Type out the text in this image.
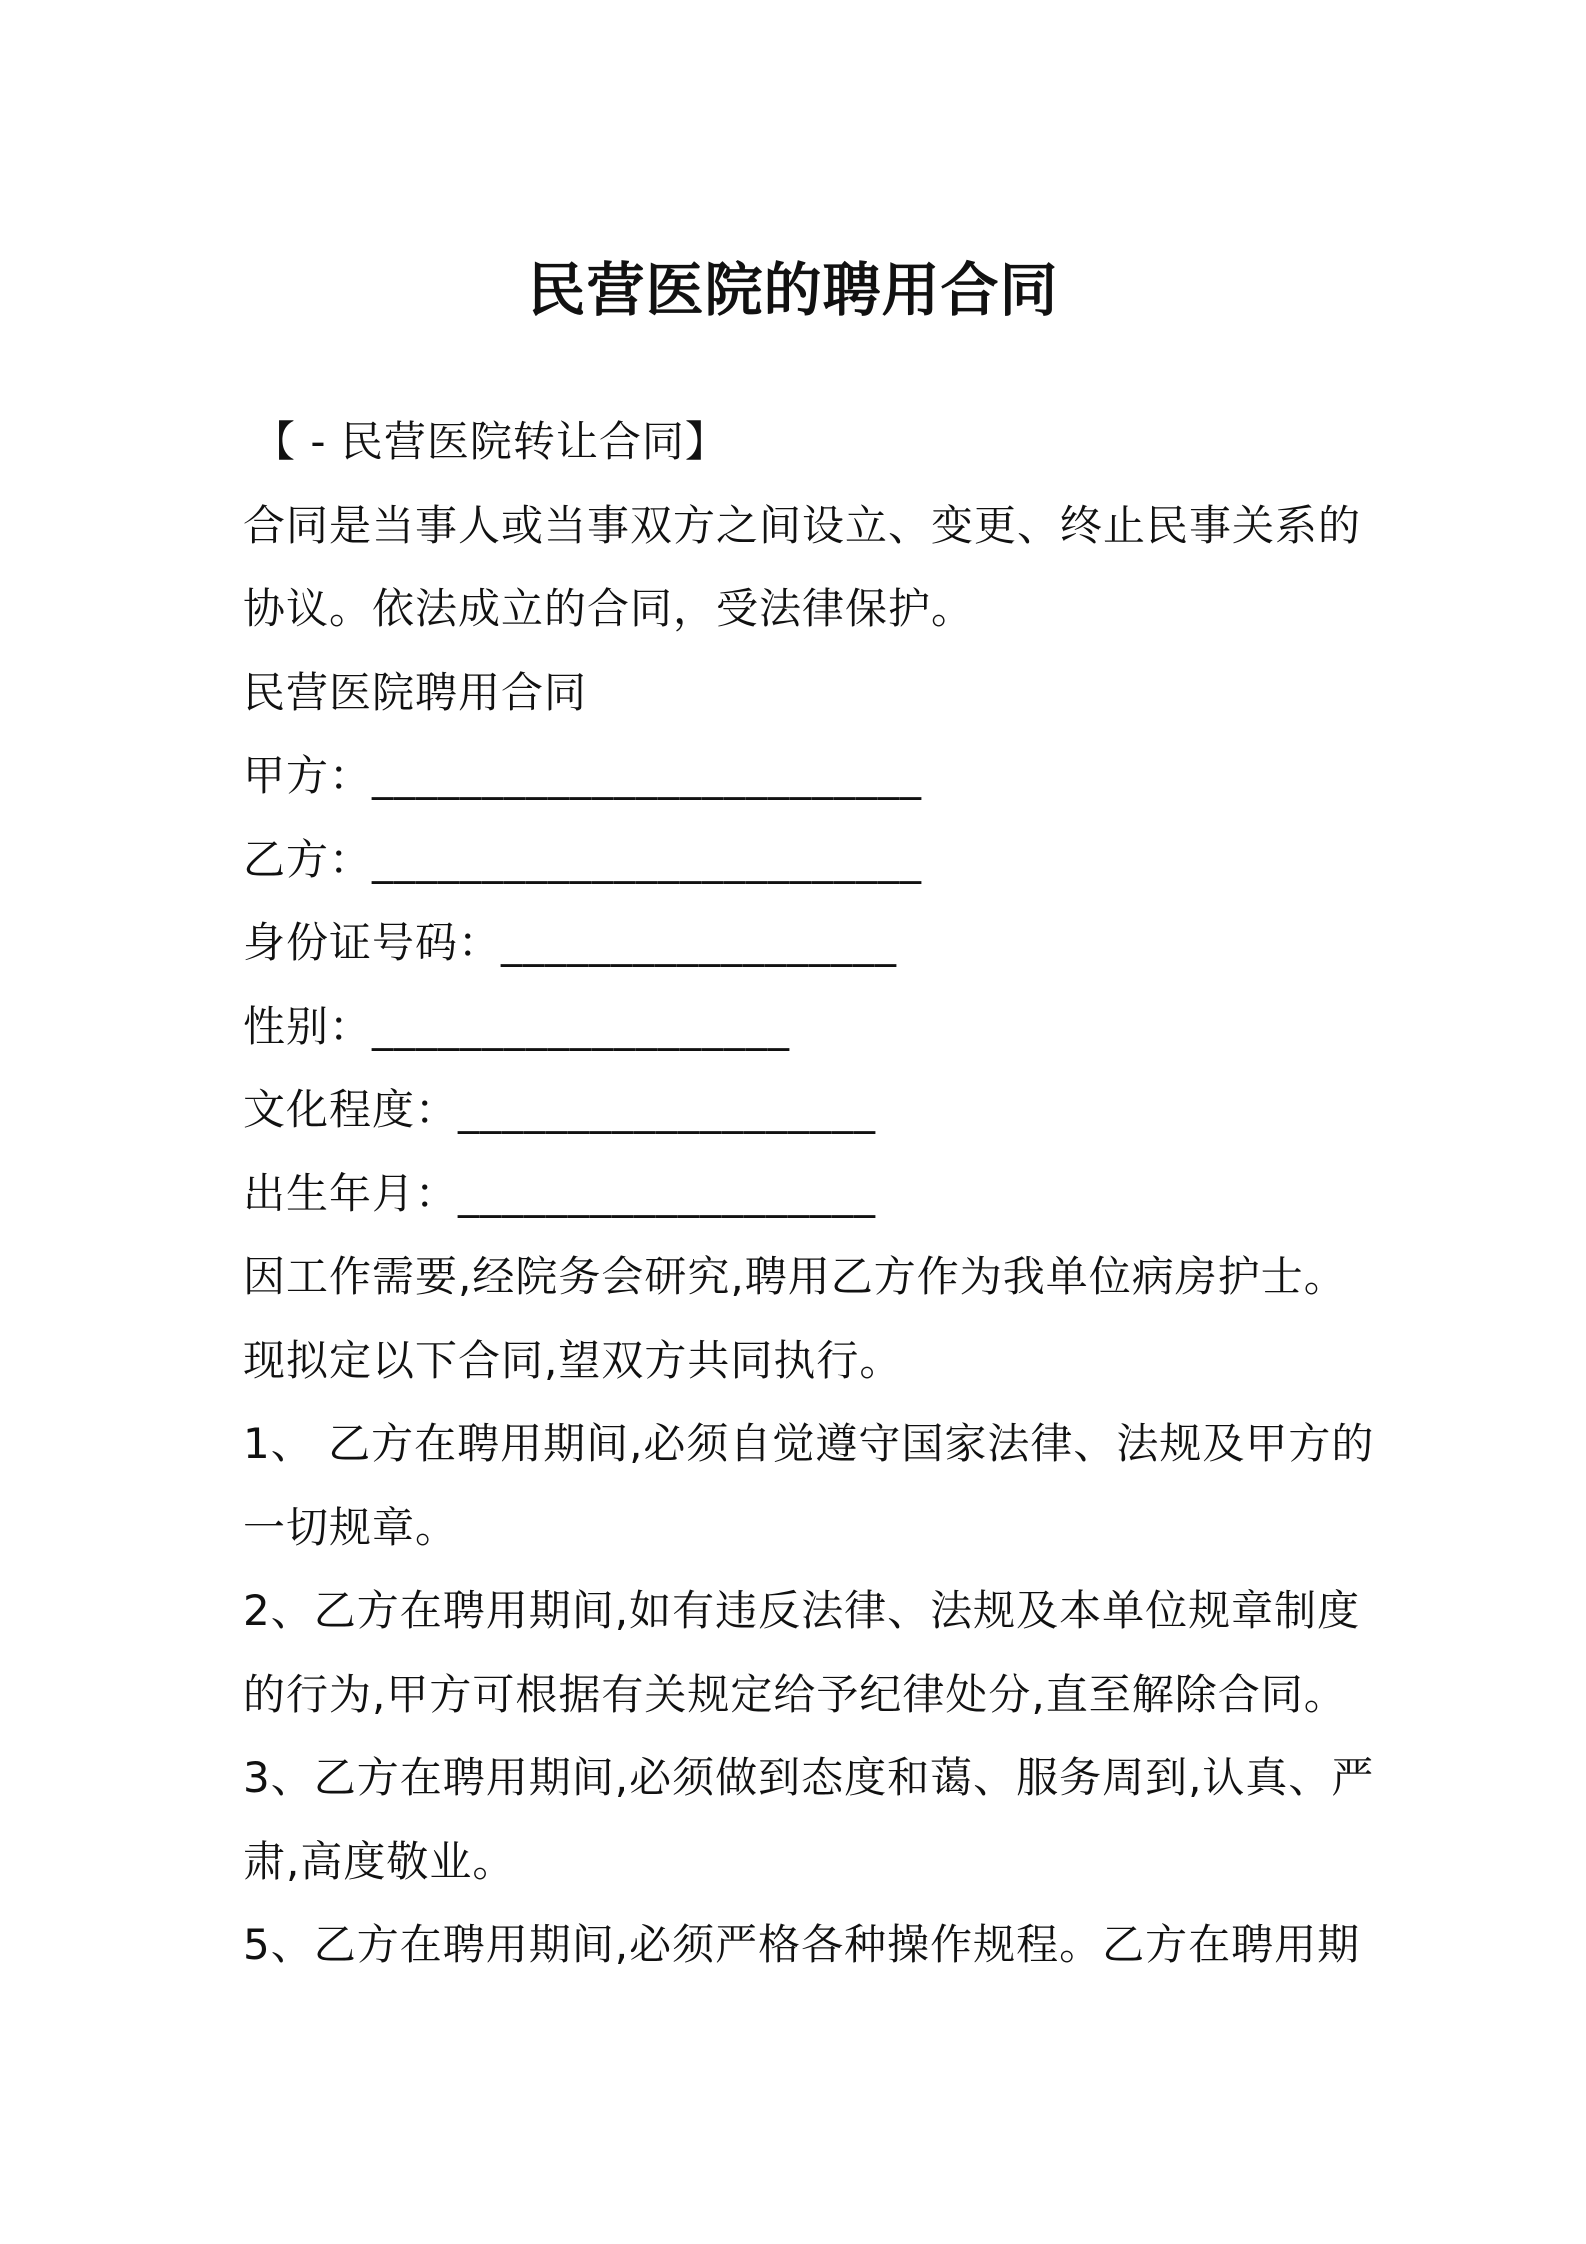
民营医院的聘用合同
【 - 民营医院转让合同】
合同是当事人或当事双方之间设立、变更、终止民事关系的
协议。依法成立的合同，受法律保护。
民营医院聘用合同
甲方：_________________________
乙方：_________________________
身份证号码：__________________
性别：___________________
文化程度：___________________
出生年月：___________________
因工作需要,经院务会研究,聘用乙方作为我单位病房护士。
现拟定以下合同,望双方共同执行。
1、 乙方在聘用期间,必须自觉遵守国家法律、法规及甲方的
一切规章。
2、乙方在聘用期间,如有违反法律、法规及本单位规章制度
的行为,甲方可根据有关规定给予纪律处分,直至解除合同。
3、乙方在聘用期间,必须做到态度和蔼、服务周到,认真、严
肃,高度敬业。
5、乙方在聘用期间,必须严格各种操作规程。乙方在聘用期
